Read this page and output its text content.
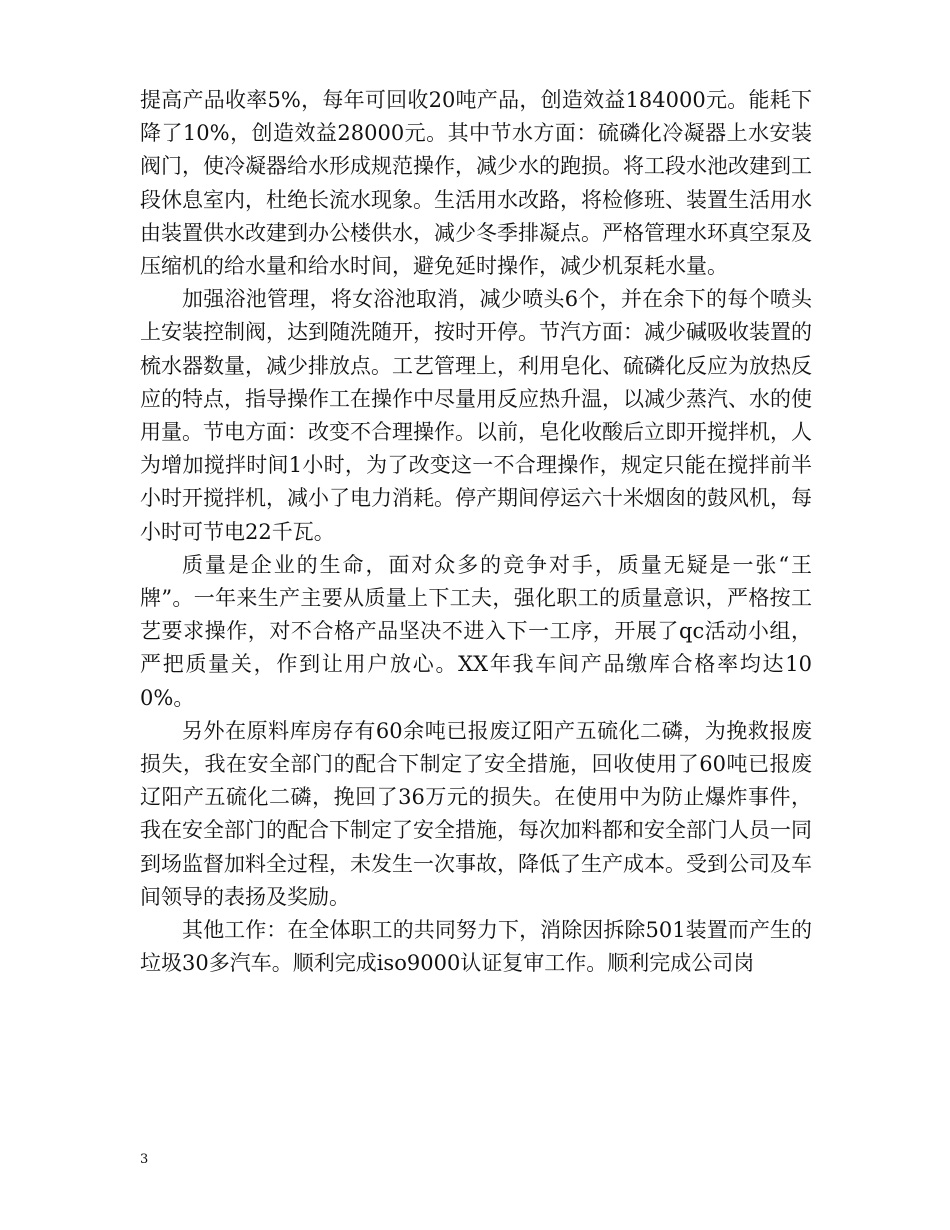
提高产品收率5%，每年可回收20吨产品，创造效益184000元。能耗下降了10%，创造效益28000元。其中节水方面：硫磷化冷凝器上水安装阀门，使冷凝器给水形成规范操作，减少水的跑损。将工段水池改建到工段休息室内，杜绝长流水现象。生活用水改路，将检修班、装置生活用水由装置供水改建到办公楼供水，减少冬季排凝点。严格管理水环真空泵及压缩机的给水量和给水时间，避免延时操作，减少机泵耗水量。

加强浴池管理，将女浴池取消，减少喷头6个，并在余下的每个喷头上安装控制阀，达到随洗随开，按时开停。节汽方面：减少碱吸收装置的梳水器数量，减少排放点。工艺管理上，利用皂化、硫磷化反应为放热反应的特点，指导操作工在操作中尽量用反应热升温，以减少蒸汽、水的使用量。节电方面：改变不合理操作。以前，皂化收酸后立即开搅拌机，人为增加搅拌时间1小时，为了改变这一不合理操作，规定只能在搅拌前半小时开搅拌机，减小了电力消耗。停产期间停运六十米烟囱的鼓风机，每小时可节电22千瓦。

质量是企业的生命，面对众多的竞争对手，质量无疑是一张“王牌”。一年来生产主要从质量上下工夫，强化职工的质量意识，严格按工艺要求操作，对不合格产品坚决不进入下一工序，开展了qc活动小组，严把质量关，作到让用户放心。XX年我车间产品缴库合格率均达100%。

另外在原料库房存有60余吨已报废辽阳产五硫化二磷，为挽救报废损失，我在安全部门的配合下制定了安全措施，回收使用了60吨已报废辽阳产五硫化二磷，挽回了36万元的损失。在使用中为防止爆炸事件，我在安全部门的配合下制定了安全措施，每次加料都和安全部门人员一同到场监督加料全过程，未发生一次事故，降低了生产成本。受到公司及车间领导的表扬及奖励。

其他工作：在全体职工的共同努力下，消除因拆除501装置而产生的垃圾30多汽车。顺利完成iso9000认证复审工作。顺利完成公司岗

3
